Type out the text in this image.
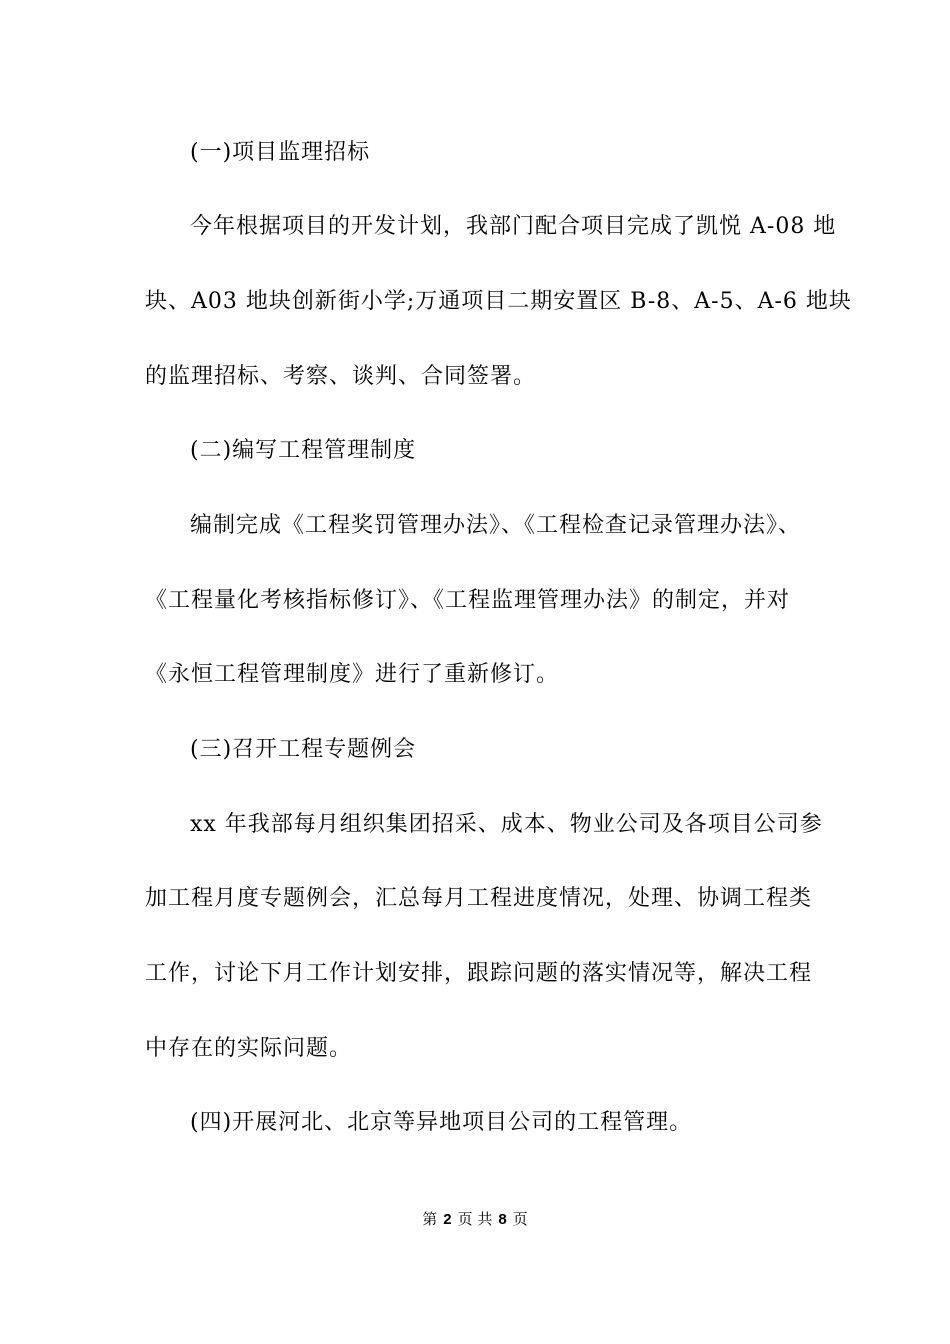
(一)项目监理招标
今年根据项目的开发计划，我部门配合项目完成了凯悦 A-08 地
块、A03 地块创新街小学;万通项目二期安置区 B-8、A-5、A-6 地块
的监理招标、考察、谈判、合同签署。
(二)编写工程管理制度
编制完成《工程奖罚管理办法》、《工程检查记录管理办法》、
《工程量化考核指标修订》、《工程监理管理办法》的制定，并对
《永恒工程管理制度》进行了重新修订。
(三)召开工程专题例会
xx 年我部每月组织集团招采、成本、物业公司及各项目公司参
加工程月度专题例会，汇总每月工程进度情况，处理、协调工程类
工作，讨论下月工作计划安排，跟踪问题的落实情况等，解决工程
中存在的实际问题。
(四)开展河北、北京等异地项目公司的工程管理。
第 2 页 共 8 页
